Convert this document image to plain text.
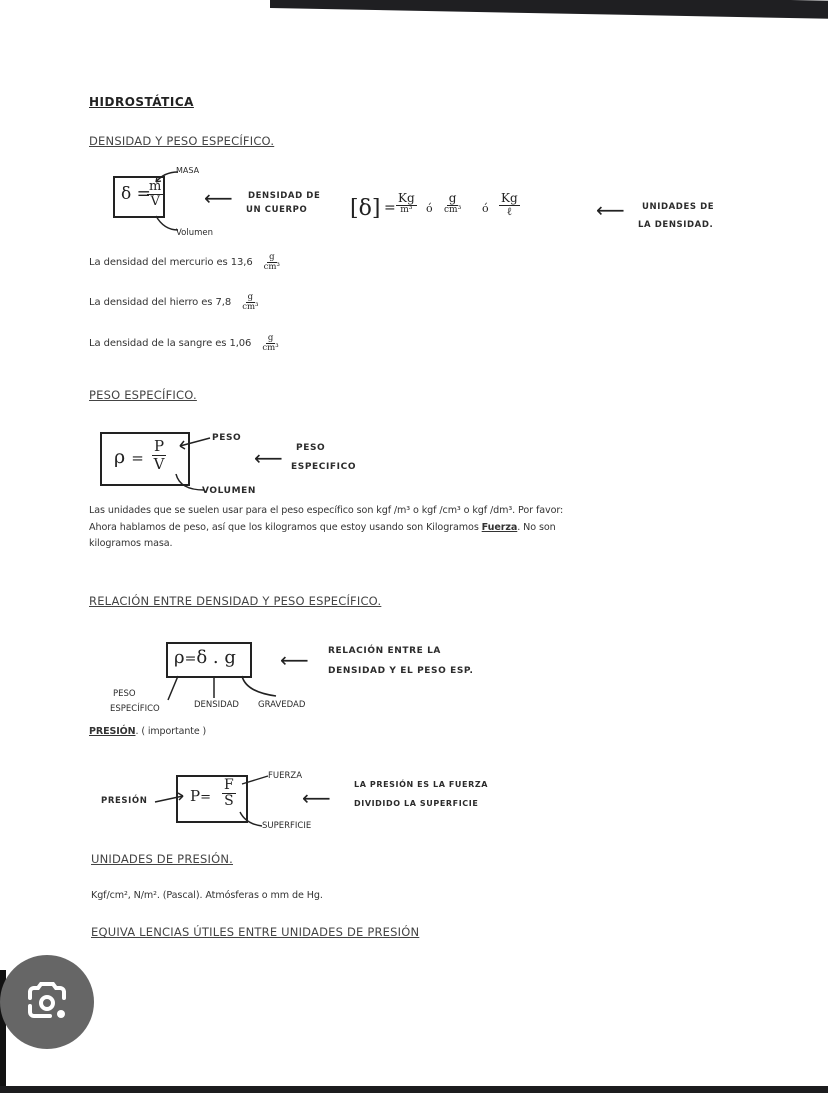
HIDROSTÁTICA
DENSIDAD Y PESO ESPECÍFICO.
δ =
$\frac{m}{V}$
MASA
Volumen
⟵ DENSIDAD DE
UN CUERPO $[\delta] = \frac{Kg}{\text{m³}}$ ó $\frac{g}{\text{cm³}}$ ó $\frac{Kg}{\text{ℓ}}$	⟵ UNIDADES DE
LA DENSIDAD.
La densidad del mercurio es $13,6 \frac{g}{\text{cm³}}$
La densidad del hierro es $7,8 \frac{g}{\text{cm³}}$
La densidad de la sangre es $1,06 \frac{g}{\text{cm³}}$
PESO ESPECÍFICO.
$\rho = \frac{P}{V}$	PESO
VOLUMEN
⟵ PESO
ESPECIFICO
Las unidades que se suelen usar para el peso específico son kgf /m³ o kgf /cm³ o kgf /dm³. Por favor:
Ahora hablamos de peso, así que los kilogramos que estoy usando son Kilogramos Fuerza. No son
kilogramos masa.
RELACIÓN ENTRE DENSIDAD Y PESO ESPECÍFICO.
ρ=δ . g
PESO
ESPECÍFICO	DENSIDAD GRAVEDAD
⟵ RELACIÓN ENTRE LA
DENSIDAD Y EL PESO ESP.
PRESIÓN. ( importante )
$P= \frac{F}{S}$
PRESIÓN
FUERZA
SUPERFICIE
⟵
LA PRESIÓN ES LA FUERZA
DIVIDIDO LA SUPERFICIE
UNIDADES DE PRESIÓN.
Kgf/cm², N/m². (Pascal). Atmósferas o mm de Hg.
EQUIVA LENCIAS ÚTILES ENTRE UNIDADES DE PRESIÓN
